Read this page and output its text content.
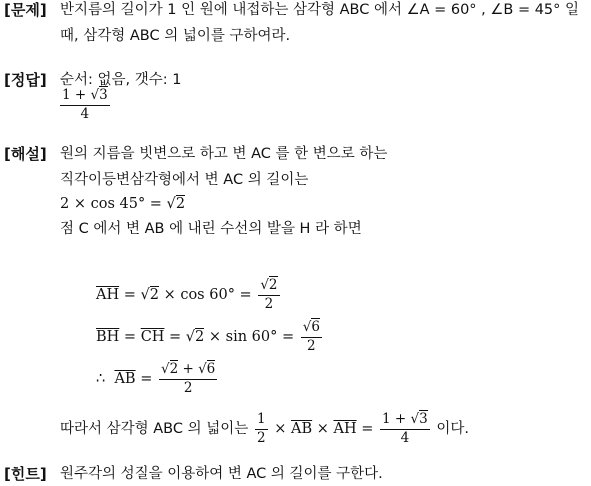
[문제] 반지름의 길이가 1 인 원에 내접하는 삼각형 ABC 에서 ∠A = 60° , ∠B = 45° 일
때, 삼각형 ABC 의 넓이를 구하여라.
[정답] 순서: 없음, 갯수: 1
$\frac{1 + √3}{4}$
[해설] 원의 지름을 빗변으로 하고 변 AC 를 한 변으로 하는
직각이등변삼각형에서 변 AC 의 길이는
2 × cos 45° = √2
점 C 에서 변 AB 에 내린 수선의 발을 H 라 하면
$\overline{AH} = √2 \times \cos 60^\circ = \frac{√2}{2}$
$\overline{BH} = \overline{CH} = √2 \times \sin 60^\circ = \frac{√6}{2}$
∴ $\overline{AB} = \frac{√2 + √6}{2}$
따라서 삼각형 ABC 의 넓이는 $\frac{1}{2} \times \overline{AB} \times \overline{AH} = \frac{1 + √3}{4}$ 이다.
[힌트] 원주각의 성질을 이용하여 변 AC 의 길이를 구한다.
